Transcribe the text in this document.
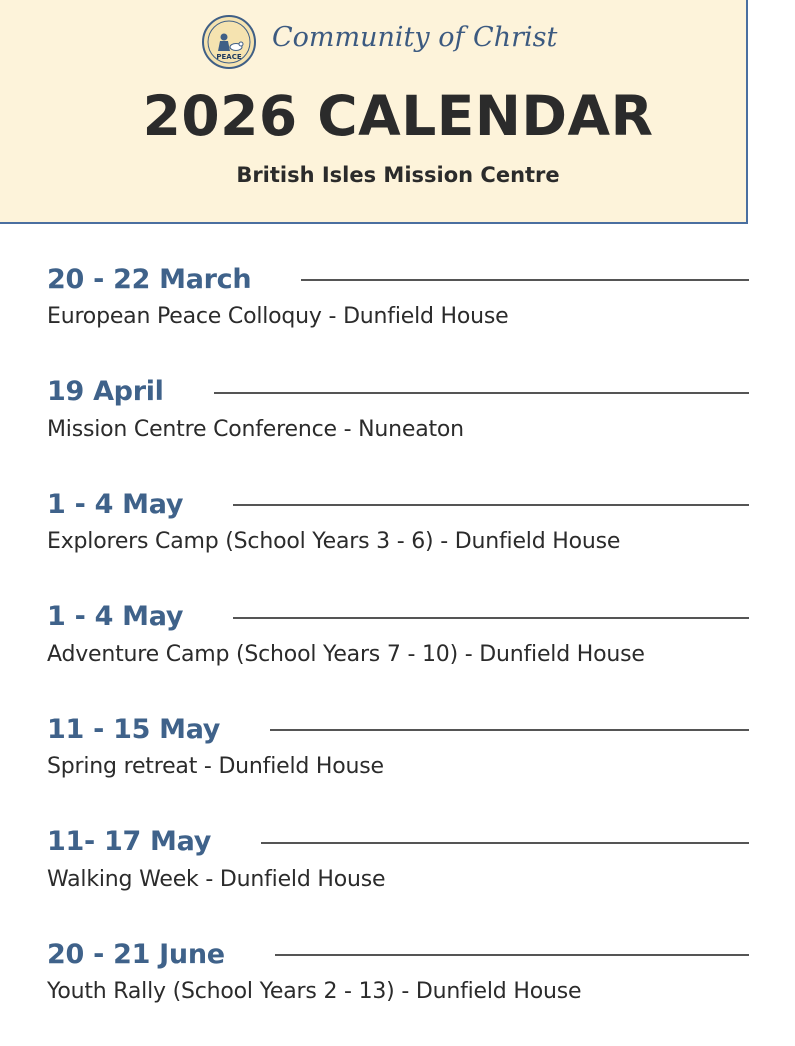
PEACE
Community of Christ
2026 CALENDAR
British Isles Mission Centre
20 - 22 March
European Peace Colloquy - Dunfield House
19 April
Mission Centre Conference - Nuneaton
1 - 4 May
Explorers Camp (School Years 3 - 6) - Dunfield House
1 - 4 May
Adventure Camp (School Years 7 - 10) - Dunfield House
11 - 15 May
Spring retreat - Dunfield House
11- 17 May
Walking Week - Dunfield House
20 - 21 June
Youth Rally (School Years 2 - 13) - Dunfield House
